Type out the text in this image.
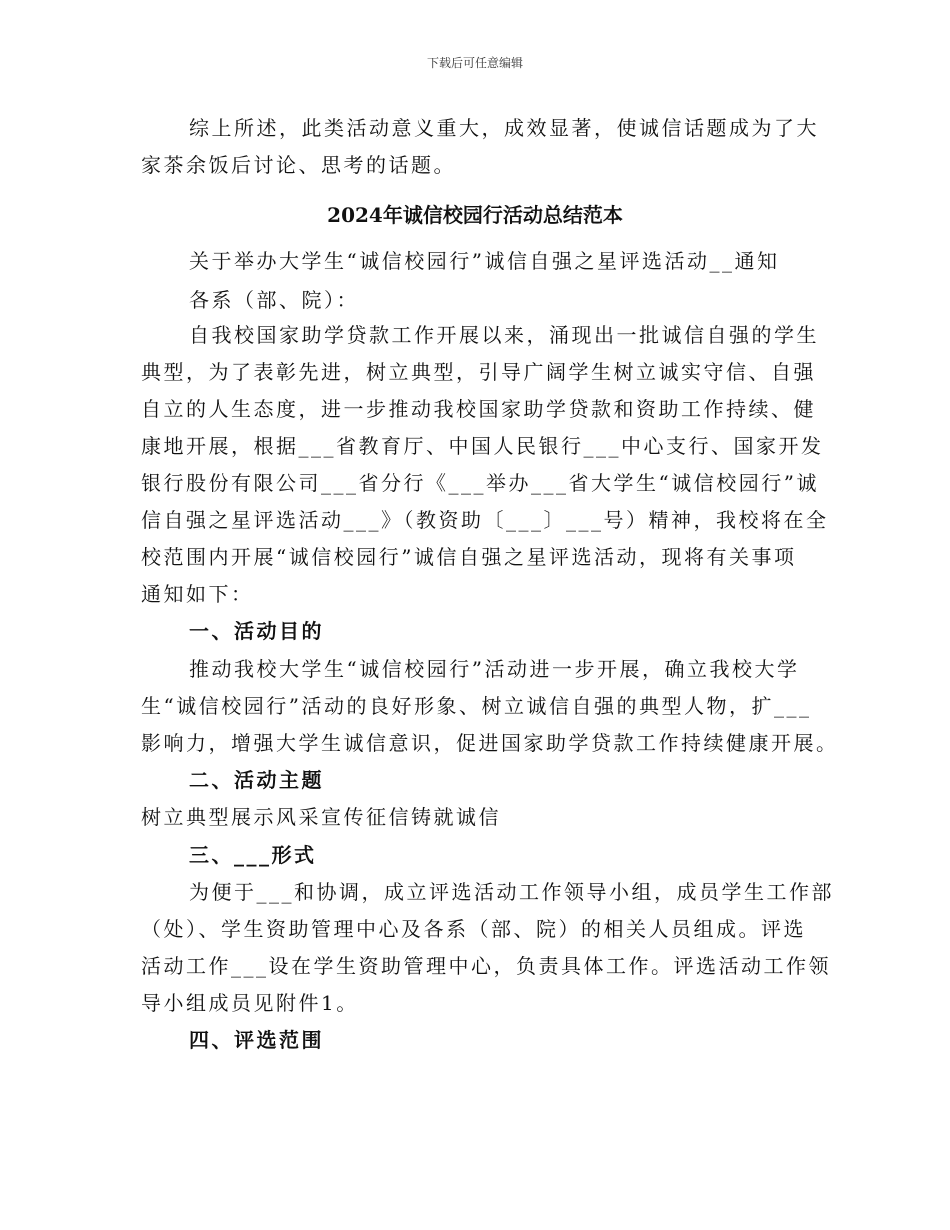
下载后可任意编辑
综上所述，此类活动意义重大，成效显著，使诚信话题成为了大
家茶余饭后讨论、思考的话题。
2024年诚信校园行活动总结范本
关于举办大学生“诚信校园行”诚信自强之星评选活动__通知
各系（部、院）：
自我校国家助学贷款工作开展以来，涌现出一批诚信自强的学生
典型，为了表彰先进，树立典型，引导广阔学生树立诚实守信、自强
自立的人生态度，进一步推动我校国家助学贷款和资助工作持续、健
康地开展，根据___省教育厅、中国人民银行___中心支行、国家开发
银行股份有限公司___省分行《___举办___省大学生“诚信校园行”诚
信自强之星评选活动___》（教资助〔___〕___号）精神，我校将在全
校范围内开展“诚信校园行”诚信自强之星评选活动，现将有关事项
通知如下：
一、活动目的
推动我校大学生“诚信校园行”活动进一步开展，确立我校大学
生“诚信校园行”活动的良好形象、树立诚信自强的典型人物，扩___
影响力，增强大学生诚信意识，促进国家助学贷款工作持续健康开展。
二、活动主题
树立典型展示风采宣传征信铸就诚信
三、___形式
为便于___和协调，成立评选活动工作领导小组，成员学生工作部
（处）、学生资助管理中心及各系（部、院）的相关人员组成。评选
活动工作___设在学生资助管理中心，负责具体工作。评选活动工作领
导小组成员见附件1。
四、评选范围
